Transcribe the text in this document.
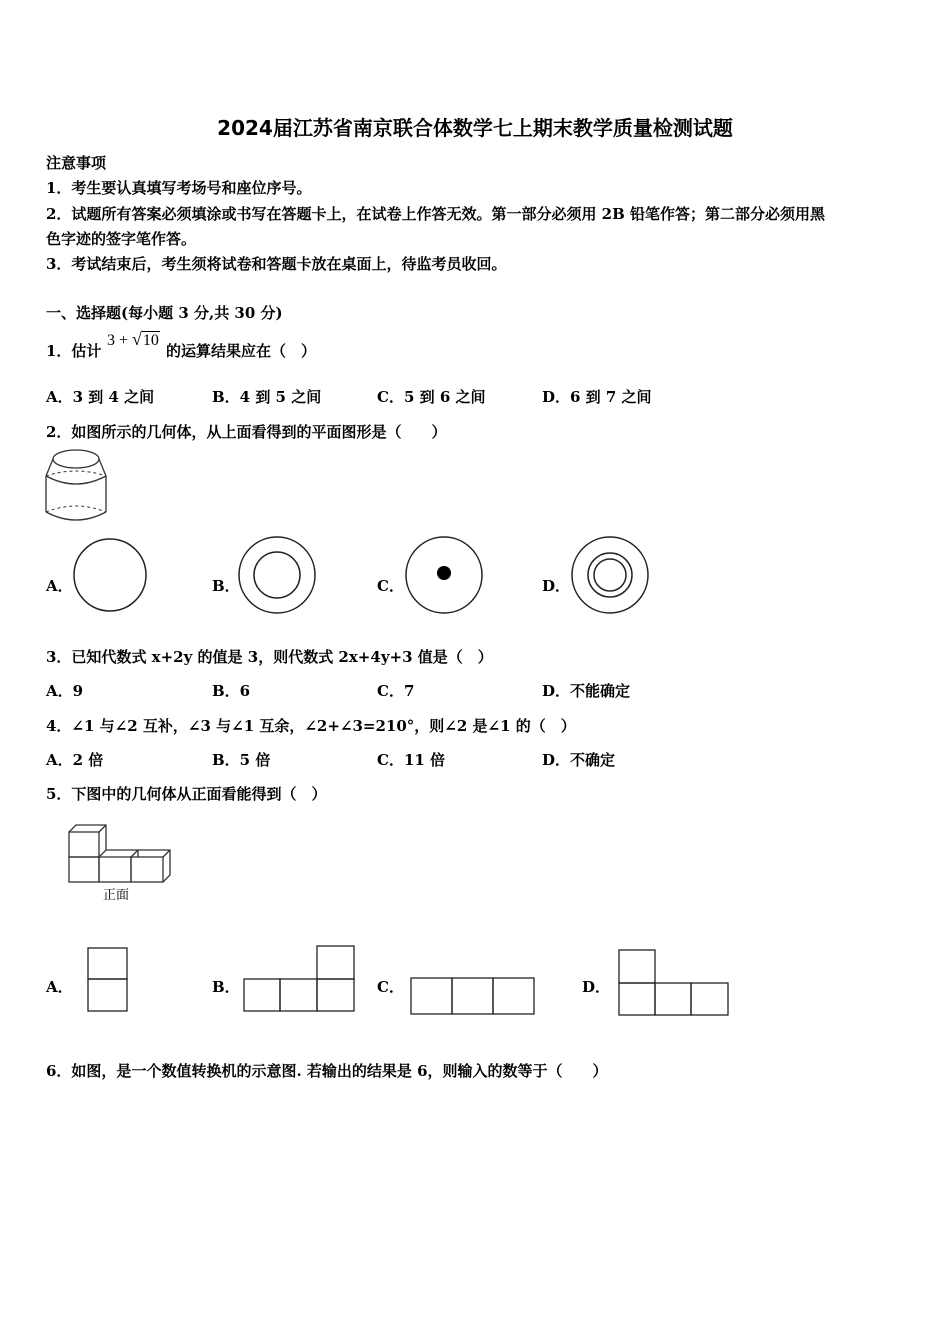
2024届江苏省南京联合体数学七上期末教学质量检测试题
注意事项
1．考生要认真填写考场号和座位序号。
2．试题所有答案必须填涂或书写在答题卡上，在试卷上作答无效。第一部分必须用 2B 铅笔作答；第二部分必须用黑
色字迹的签字笔作答。
3．考试结束后，考生须将试卷和答题卡放在桌面上，待监考员收回。
一、选择题(每小题 3 分,共 30 分)
1．估计
3 + √10
的运算结果应在（　）
A．3 到 4 之间	B．4 到 5 之间	C．5 到 6 之间	D．6 到 7 之间
2．如图所示的几何体，从上面看得到的平面图形是（　　）
A．	B．	C．	D．
3．已知代数式 x+2y 的值是 3，则代数式 2x+4y+3 值是（　）
A．9	B．6	C．7	D．不能确定
4．∠1 与∠2 互补，∠3 与∠1 互余，∠2+∠3=210°，则∠2 是∠1 的（　）
A．2 倍	B．5 倍	C．11 倍	D．不确定
5．下图中的几何体从正面看能得到（　）
正面
A．	B．	C．	D．
6．如图，是一个数值转换机的示意图. 若输出的结果是 6，则输入的数等于（　　）
